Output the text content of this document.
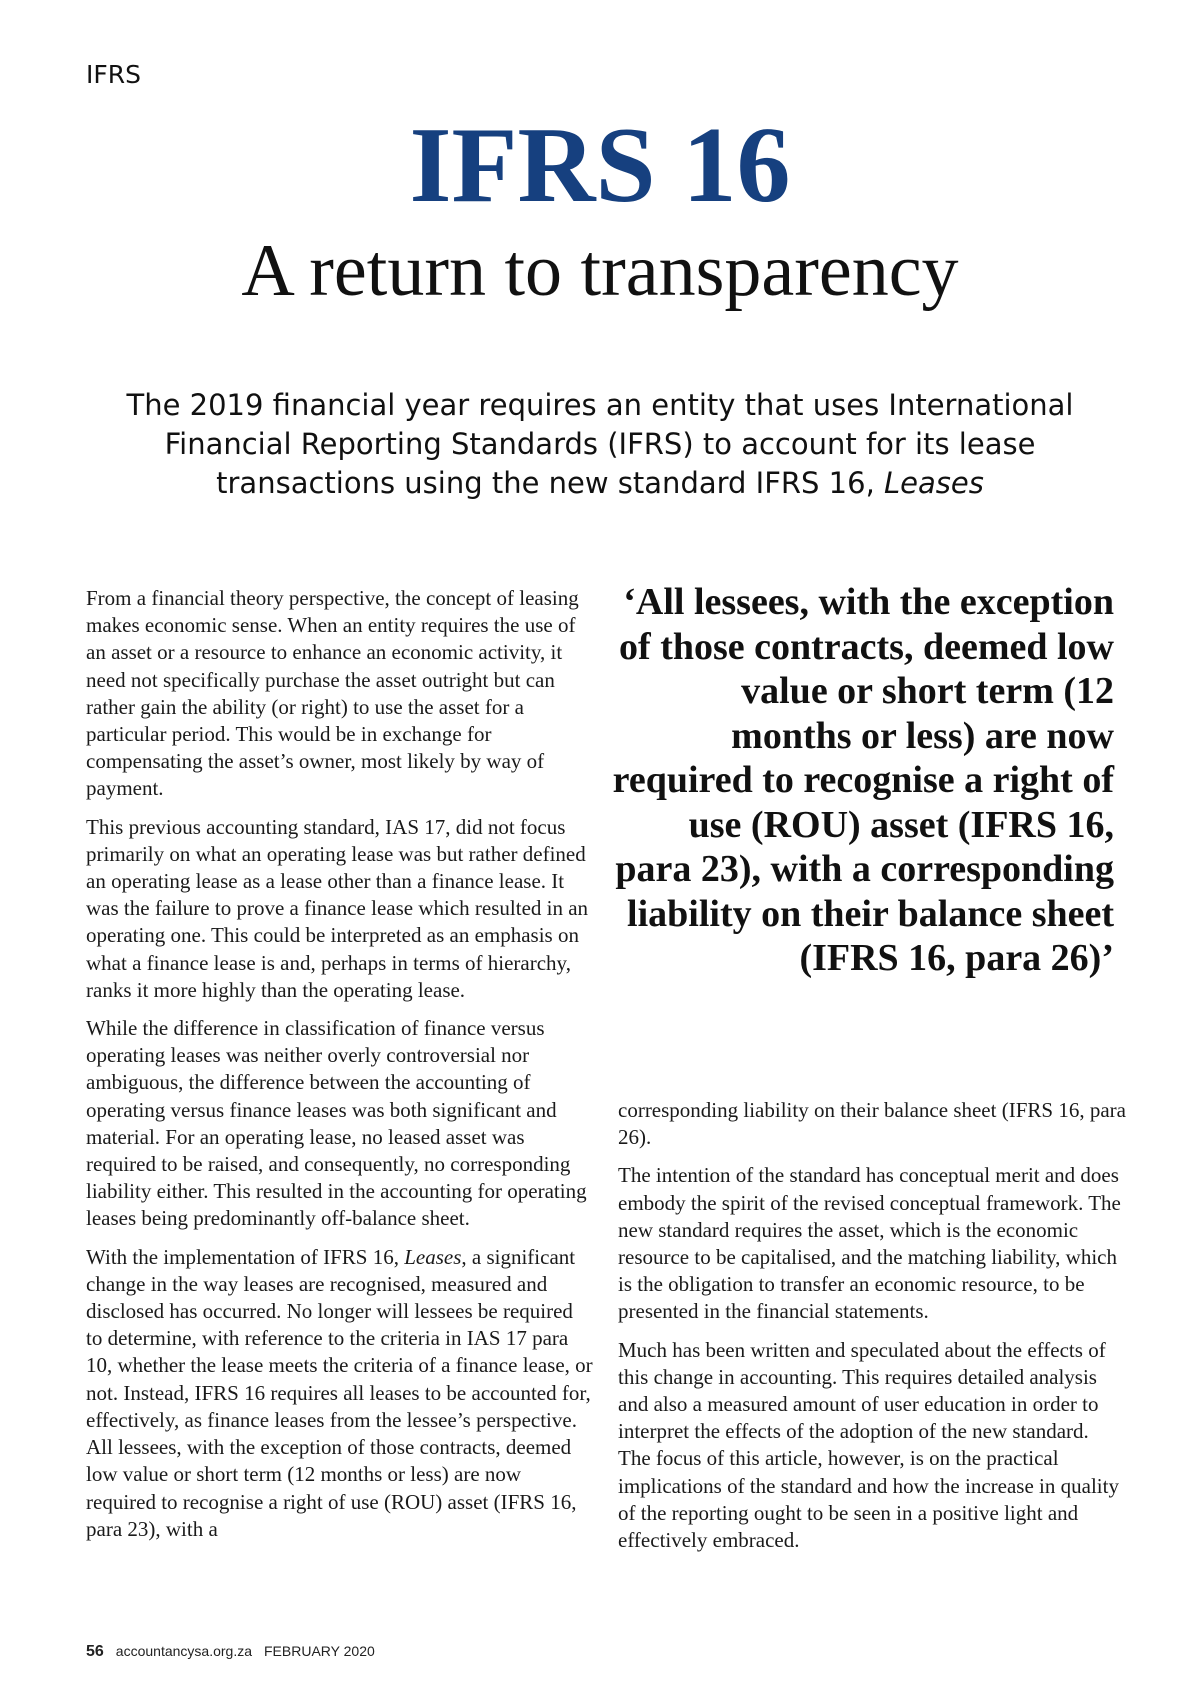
IFRS
IFRS 16
A return to transparency
The 2019 financial year requires an entity that uses International Financial Reporting Standards (IFRS) to account for its lease transactions using the new standard IFRS 16, Leases

From a financial theory perspective, the concept of leasing makes economic sense. When an entity requires the use of an asset or a resource to enhance an economic activity, it need not specifically purchase the asset outright but can rather gain the ability (or right) to use the asset for a particular period. This would be in exchange for compensating the asset’s owner, most likely by way of payment.

This previous accounting standard, IAS 17, did not focus primarily on what an operating lease was but rather defined an operating lease as a lease other than a finance lease. It was the failure to prove a finance lease which resulted in an operating one. This could be interpreted as an emphasis on what a finance lease is and, perhaps in terms of hierarchy, ranks it more highly than the operating lease.

While the difference in classification of finance versus operating leases was neither overly controversial nor ambiguous, the difference between the accounting of operating versus finance leases was both significant and material. For an operating lease, no leased asset was required to be raised, and consequently, no corresponding liability either. This resulted in the accounting for operating leases being predominantly off-balance sheet.

With the implementation of IFRS 16, Leases, a significant change in the way leases are recognised, measured and disclosed has occurred. No longer will lessees be required to determine, with reference to the criteria in IAS 17 para 10, whether the lease meets the criteria of a finance lease, or not. Instead, IFRS 16 requires all leases to be accounted for, effectively, as finance leases from the lessee’s perspective. All lessees, with the exception of those contracts, deemed low value or short term (12 months or less) are now required to recognise a right of use (ROU) asset (IFRS 16, para 23), with a

‘All lessees, with the exception of those contracts, deemed low value or short term (12 months or less) are now required to recognise a right of use (ROU) asset (IFRS 16, para 23), with a corresponding liability on their balance sheet (IFRS 16, para 26)’

corresponding liability on their balance sheet (IFRS 16, para 26).

The intention of the standard has conceptual merit and does embody the spirit of the revised conceptual framework. The new standard requires the asset, which is the economic resource to be capitalised, and the matching liability, which is the obligation to transfer an economic resource, to be presented in the financial statements.

Much has been written and speculated about the effects of this change in accounting. This requires detailed analysis and also a measured amount of user education in order to interpret the effects of the adoption of the new standard. The focus of this article, however, is on the practical implications of the standard and how the increase in quality of the reporting ought to be seen in a positive light and effectively embraced.

56 accountancysa.org.za FEBRUARY 2020
